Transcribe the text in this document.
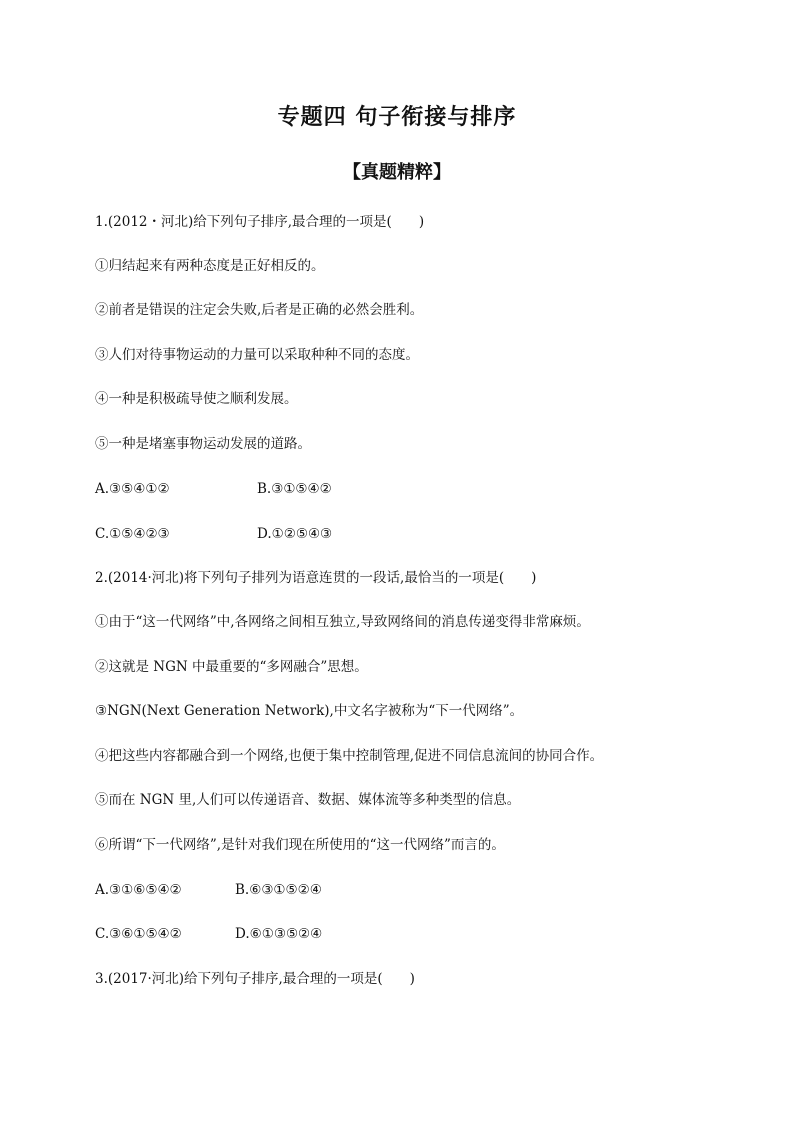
专题四 句子衔接与排序
【真题精粹】
1.(2012・河北)给下列句子排序,最合理的一项是(　　)
①归结起来有两种态度是正好相反的。
②前者是错误的注定会失败,后者是正确的必然会胜利。
③人们对待事物运动的力量可以采取种种不同的态度。
④一种是积极疏导使之顺利发展。
⑤一种是堵塞事物运动发展的道路。
A.③⑤④①②	B.③①⑤④②
C.①⑤④②③	D.①②⑤④③
2.(2014·河北)将下列句子排列为语意连贯的一段话,最恰当的一项是(　　)
①由于“这一代网络”中,各网络之间相互独立,导致网络间的消息传递变得非常麻烦。
②这就是 NGN 中最重要的“多网融合”思想。
③NGN(Next Generation Network),中文名字被称为“下一代网络”。
④把这些内容都融合到一个网络,也便于集中控制管理,促进不同信息流间的协同合作。
⑤而在 NGN 里,人们可以传递语音、数据、媒体流等多种类型的信息。
⑥所谓“下一代网络”,是针对我们现在所使用的“这一代网络”而言的。
A.③①⑥⑤④②	B.⑥③①⑤②④
C.③⑥①⑤④②	D.⑥①③⑤②④
3.(2017·河北)给下列句子排序,最合理的一项是(　　)
